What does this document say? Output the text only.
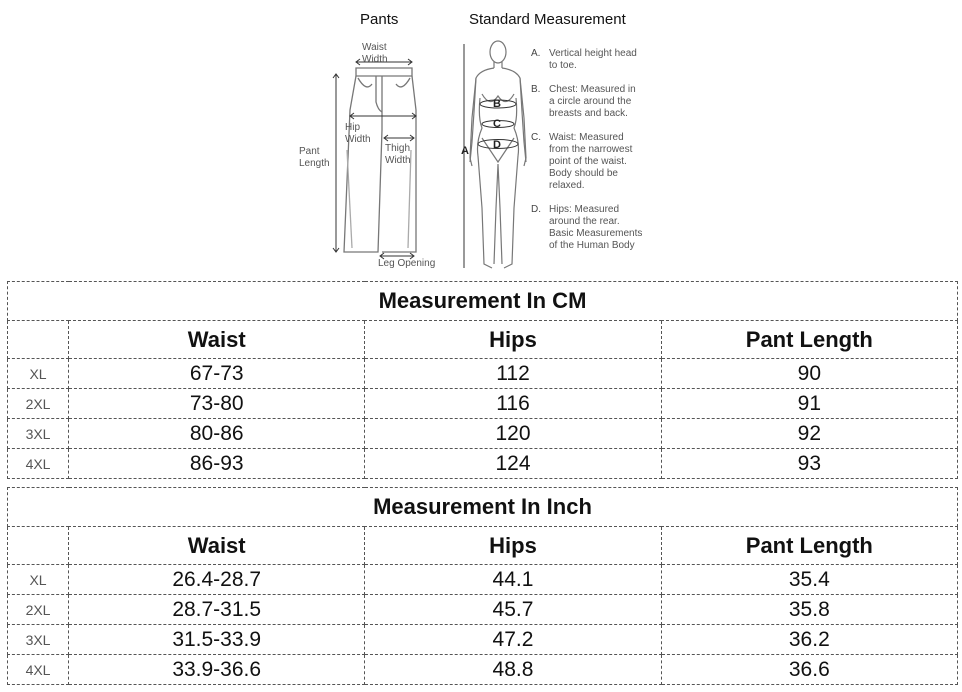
Pants	Standard Measurement
Waist
Width
Hip
Width
Thigh
Width
Pant
Length
Leg Opening
B
C
D
A
A. Vertical height head
to toe.
B. Chest: Measured in
a circle around the
breasts and back.
C. Waist: Measured
from the narrowest
point of the waist.
Body should be
relaxed.
D. Hips: Measured
around the rear.
Basic Measurements
of the Human Body
Measurement In CM			
	Waist	Hips	Pant Length
XL	67-73	112	90
2XL	73-80	116	91
3XL	80-86	120	92
4XL	86-93	124	93
Measurement In Inch			
	Waist	Hips	Pant Length
XL	26.4-28.7	44.1	35.4
2XL	28.7-31.5	45.7	35.8
3XL	31.5-33.9	47.2	36.2
4XL	33.9-36.6	48.8	36.6
